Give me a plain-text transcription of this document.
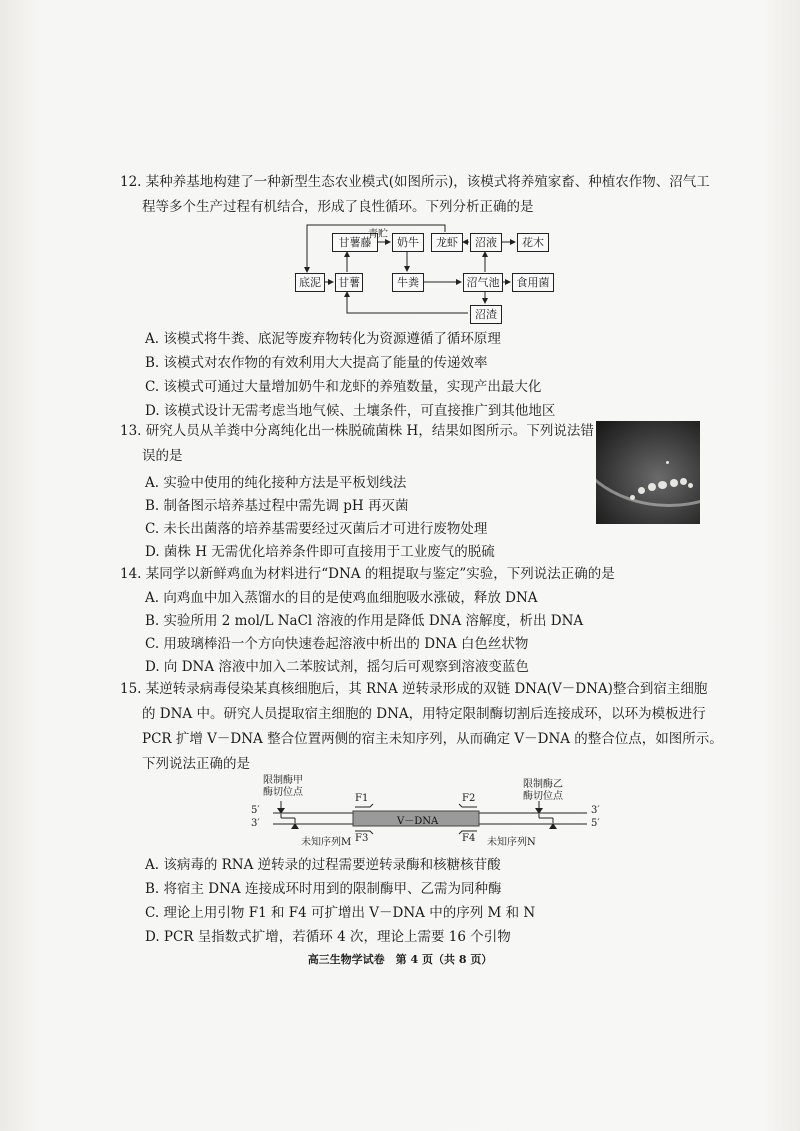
12. 某种养基地构建了一种新型生态农业模式(如图所示)，该模式将养殖家畜、种植农作物、沼气工
程等多个生产过程有机结合，形成了良性循环。下列分析正确的是
甘薯藤
青贮
奶牛	龙虾	沼液	花木
底泥	甘薯	牛粪	沼气池	食用菌
沼渣
A. 该模式将牛粪、底泥等废弃物转化为资源遵循了循环原理
B. 该模式对农作物的有效利用大大提高了能量的传递效率
C. 该模式可通过大量增加奶牛和龙虾的养殖数量，实现产出最大化
D. 该模式设计无需考虑当地气候、土壤条件，可直接推广到其他地区
13. 研究人员从羊粪中分离纯化出一株脱硫菌株 H，结果如图所示。下列说法错
误的是
A. 实验中使用的纯化接种方法是平板划线法
B. 制备图示培养基过程中需先调 pH 再灭菌
C. 未长出菌落的培养基需要经过灭菌后才可进行废物处理
D. 菌株 H 无需优化培养条件即可直接用于工业废气的脱硫
14. 某同学以新鲜鸡血为材料进行“DNA 的粗提取与鉴定”实验，下列说法正确的是
A. 向鸡血中加入蒸馏水的目的是使鸡血细胞吸水涨破，释放 DNA
B. 实验所用 2 mol/L NaCl 溶液的作用是降低 DNA 溶解度，析出 DNA
C. 用玻璃棒沿一个方向快速卷起溶液中析出的 DNA 白色丝状物
D. 向 DNA 溶液中加入二苯胺试剂，摇匀后可观察到溶液变蓝色
15. 某逆转录病毒侵染某真核细胞后，其 RNA 逆转录形成的双链 DNA(V－DNA)整合到宿主细胞
的 DNA 中。研究人员提取宿主细胞的 DNA，用特定限制酶切割后连接成环，以环为模板进行
PCR 扩增 V－DNA 整合位置两侧的宿主未知序列，从而确定 V－DNA 的整合位点，如图所示。
下列说法正确的是
限制酶甲
酶切位点
限制酶乙
酶切位点
5′
3′
3′
5′
F1	F2
F3	F4
V－DNA
未知序列M	未知序列N
A. 该病毒的 RNA 逆转录的过程需要逆转录酶和核糖核苷酸
B. 将宿主 DNA 连接成环时用到的限制酶甲、乙需为同种酶
C. 理论上用引物 F1 和 F4 可扩增出 V－DNA 中的序列 M 和 N
D. PCR 呈指数式扩增，若循环 4 次，理论上需要 16 个引物
高三生物学试卷　第 4 页（共 8 页）
